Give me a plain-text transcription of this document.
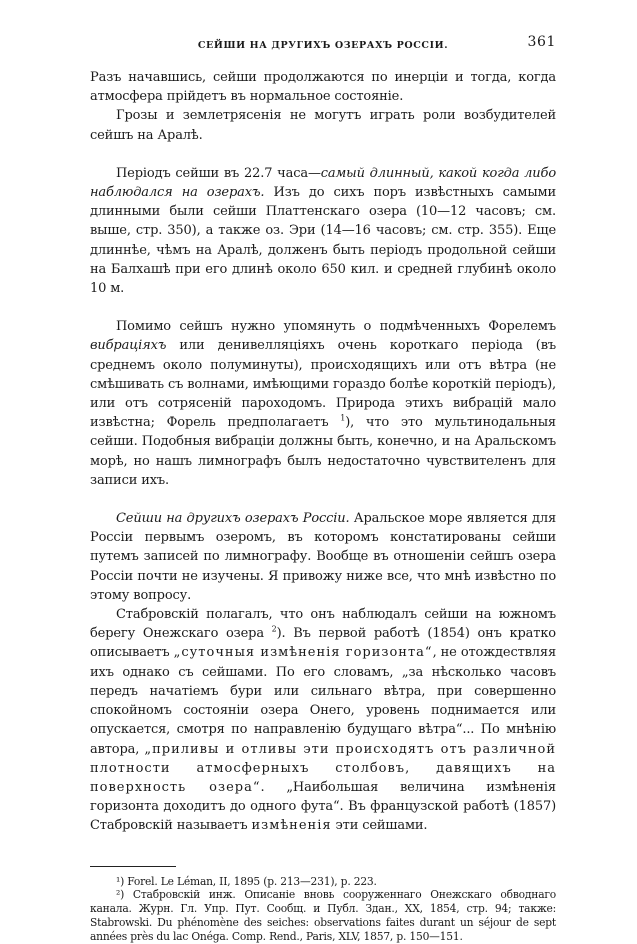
СЕЙШИ НА ДРУГИХЪ ОЗЕРАХЪ РОССІИ.	361

Разъ начавшись, сейши продолжаются по инерціи и тогда, когда атмосфера прійдетъ въ нормальное состояніе.

Грозы и землетрясенія не могутъ играть роли возбудителей сейшъ на Аралѣ.

Періодъ сейши въ 22.7 часа—самый длинный, какой когда либо наблюдался на озерахъ. Изъ до сихъ поръ извѣстныхъ самыми длинными были сейши Платтенскаго озера (10—12 часовъ; см. выше, стр. 350), а также оз. Эри (14—16 часовъ; см. стр. 355). Еще длиннѣе, чѣмъ на Аралѣ, долженъ быть періодъ продольной сейши на Балхашѣ при его длинѣ около 650 кил. и средней глубинѣ около 10 м.

Помимо сейшъ нужно упомянуть о подмѣченныхъ Форелемъ вибраціяхъ или денивелляціяхъ очень короткаго періода (въ среднемъ около полуминуты), происходящихъ или отъ вѣтра (не смѣшивать съ волнами, имѣющими гораздо болѣе короткій періодъ), или отъ сотрясеній пароходомъ. Природа этихъ вибрацій мало извѣстна; Форель предполагаетъ $^1$), что это мультинодальныя сейши. Подобныя вибраціи должны быть, конечно, и на Аральскомъ морѣ, но нашъ лимнографъ былъ недостаточно чувствителенъ для записи ихъ.

Сейши на другихъ озерахъ Россіи. Аральское море является для Россіи первымъ озеромъ, въ которомъ констатированы сейши путемъ записей по лимнографу. Вообще въ отношеніи сейшъ озера Россіи почти не изучены. Я привожу ниже все, что мнѣ извѣстно по этому вопросу.

Стабровскій полагалъ, что онъ наблюдалъ сейши на южномъ берегу Онежскаго озера $^2$). Въ первой работѣ (1854) онъ кратко описываетъ „суточныя измѣненія горизонта“, не отождествляя ихъ однако съ сейшами. По его словамъ, „за нѣсколько часовъ передъ начатіемъ бури или сильнаго вѣтра, при совершенно спокойномъ состояніи озера Онего, уровень поднимается или опускается, смотря по направленію будущаго вѣтра“... По мнѣнію автора, „приливы и отливы эти происходятъ отъ различной плотности атмосферныхъ столбовъ, давящихъ на поверхность озера“. „Наибольшая величина измѣненія горизонта доходитъ до одного фута“. Въ французской работѣ (1857) Стабровскій называетъ измѣненія эти сейшами.

¹) Forel. Le Léman, II, 1895 (p. 213—231), p. 223.

²) Стабровскій инж. Описаніе вновь сооруженнаго Онежскаго обводнаго канала. Журн. Гл. Упр. Пут. Сообщ. и Публ. Здан., XX, 1854, стр. 94; также: Stabrowski. Du phénomène des seiches: observations faites durant un séjour de sept années près du lac Onéga. Comp. Rend., Paris, XLV, 1857, p. 150—151.
